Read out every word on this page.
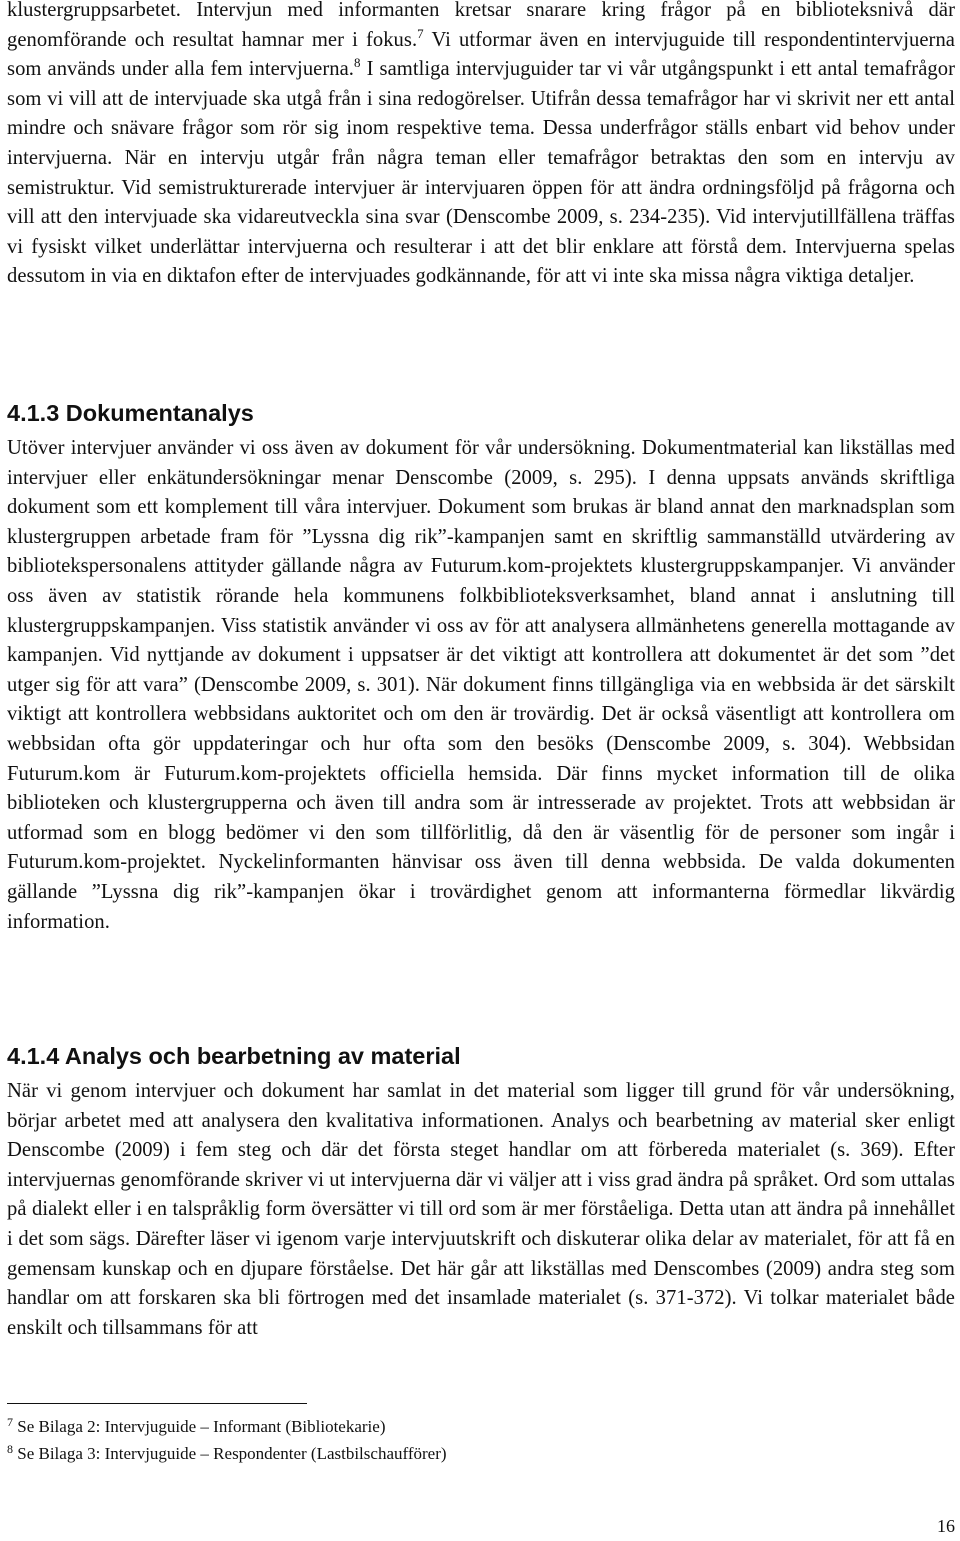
klustergruppsarbetet. Intervjun med informanten kretsar snarare kring frågor på en biblioteksnivå där genomförande och resultat hamnar mer i fokus.$^7$ Vi utformar även en intervjuguide till respondentintervjuerna som används under alla fem intervjuerna.$^8$ I samtliga intervjuguider tar vi vår utgångspunkt i ett antal temafrågor som vi vill att de intervjuade ska utgå från i sina redogörelser. Utifrån dessa temafrågor har vi skrivit ner ett antal mindre och snävare frågor som rör sig inom respektive tema. Dessa underfrågor ställs enbart vid behov under intervjuerna. När en intervju utgår från några teman eller temafrågor betraktas den som en intervju av semistruktur. Vid semistrukturerade intervjuer är intervjuaren öppen för att ändra ordningsföljd på frågorna och vill att den intervjuade ska vidareutveckla sina svar (Denscombe 2009, s. 234-235). Vid intervjutillfällena träffas vi fysiskt vilket underlättar intervjuerna och resulterar i att det blir enklare att förstå dem. Intervjuerna spelas dessutom in via en diktafon efter de intervjuades godkännande, för att vi inte ska missa några viktiga detaljer.

4.1.3 Dokumentanalys

Utöver intervjuer använder vi oss även av dokument för vår undersökning. Dokumentmaterial kan likställas med intervjuer eller enkätundersökningar menar Denscombe (2009, s. 295). I denna uppsats används skriftliga dokument som ett komplement till våra intervjuer. Dokument som brukas är bland annat den marknadsplan som klustergruppen arbetade fram för ”Lyssna dig rik”-kampanjen samt en skriftlig sammanställd utvärdering av bibliotekspersonalens attityder gällande några av Futurum.kom-projektets klustergruppskampanjer. Vi använder oss även av statistik rörande hela kommunens folkbiblioteksverksamhet, bland annat i anslutning till klustergruppskampanjen. Viss statistik använder vi oss av för att analysera allmänhetens generella mottagande av kampanjen. Vid nyttjande av dokument i uppsatser är det viktigt att kontrollera att dokumentet är det som ”det utger sig för att vara” (Denscombe 2009, s. 301). När dokument finns tillgängliga via en webbsida är det särskilt viktigt att kontrollera webbsidans auktoritet och om den är trovärdig. Det är också väsentligt att kontrollera om webbsidan ofta gör uppdateringar och hur ofta som den besöks (Denscombe 2009, s. 304). Webbsidan Futurum.kom är Futurum.kom-projektets officiella hemsida. Där finns mycket information till de olika biblioteken och klustergrupperna och även till andra som är intresserade av projektet. Trots att webbsidan är utformad som en blogg bedömer vi den som tillförlitlig, då den är väsentlig för de personer som ingår i Futurum.kom-projektet. Nyckelinformanten hänvisar oss även till denna webbsida. De valda dokumenten gällande ”Lyssna dig rik”-kampanjen ökar i trovärdighet genom att informanterna förmedlar likvärdig information.

4.1.4 Analys och bearbetning av material

När vi genom intervjuer och dokument har samlat in det material som ligger till grund för vår undersökning, börjar arbetet med att analysera den kvalitativa informationen. Analys och bearbetning av material sker enligt Denscombe (2009) i fem steg och där det första steget handlar om att förbereda materialet (s. 369). Efter intervjuernas genomförande skriver vi ut intervjuerna där vi väljer att i viss grad ändra på språket. Ord som uttalas på dialekt eller i en talspråklig form översätter vi till ord som är mer förståeliga. Detta utan att ändra på innehållet i det som sägs. Därefter läser vi igenom varje intervjuutskrift och diskuterar olika delar av materialet, för att få en gemensam kunskap och en djupare förståelse. Det här går att likställas med Denscombes (2009) andra steg som handlar om att forskaren ska bli förtrogen med det insamlade materialet (s. 371-372). Vi tolkar materialet både enskilt och tillsammans för att

$^7$ Se Bilaga 2: Intervjuguide – Informant (Bibliotekarie)

$^8$ Se Bilaga 3: Intervjuguide – Respondenter (Lastbilschaufförer)

16
